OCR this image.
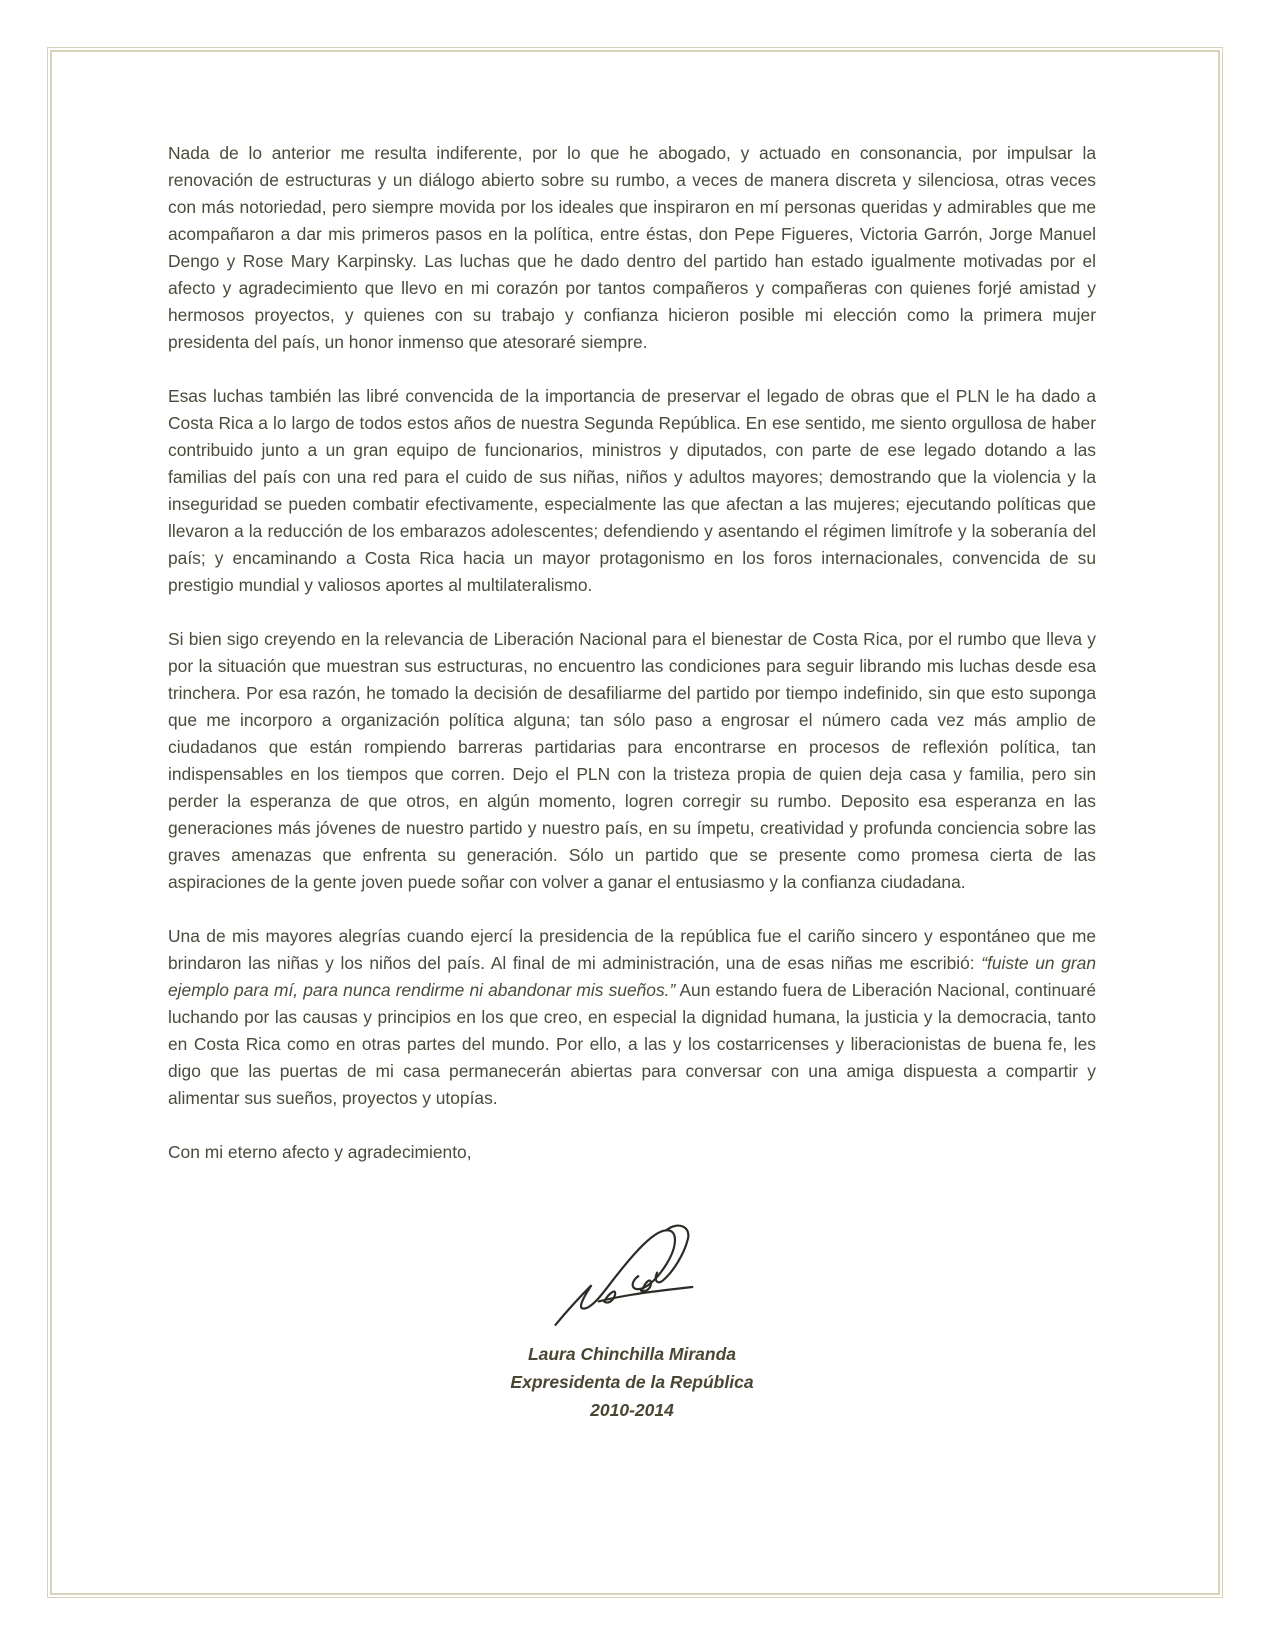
Nada de lo anterior me resulta indiferente, por lo que he abogado, y actuado en consonancia, por impulsar la renovación de estructuras y un diálogo abierto sobre su rumbo, a veces de manera discreta y silenciosa, otras veces con más notoriedad, pero siempre movida por los ideales que inspiraron en mí personas queridas y admirables que me acompañaron a dar mis primeros pasos en la política, entre éstas, don Pepe Figueres, Victoria Garrón, Jorge Manuel Dengo y Rose Mary Karpinsky. Las luchas que he dado dentro del partido han estado igualmente motivadas por el afecto y agradecimiento que llevo en mi corazón por tantos compañeros y compañeras con quienes forjé amistad y hermosos proyectos, y quienes con su trabajo y confianza hicieron posible mi elección como la primera mujer presidenta del país, un honor inmenso que atesoraré siempre.

Esas luchas también las libré convencida de la importancia de preservar el legado de obras que el PLN le ha dado a Costa Rica a lo largo de todos estos años de nuestra Segunda República. En ese sentido, me siento orgullosa de haber contribuido junto a un gran equipo de funcionarios, ministros y diputados, con parte de ese legado dotando a las familias del país con una red para el cuido de sus niñas, niños y adultos mayores; demostrando que la violencia y la inseguridad se pueden combatir efectivamente, especialmente las que afectan a las mujeres; ejecutando políticas que llevaron a la reducción de los embarazos adolescentes; defendiendo y asentando el régimen limítrofe y la soberanía del país; y encaminando a Costa Rica hacia un mayor protagonismo en los foros internacionales, convencida de su prestigio mundial y valiosos aportes al multilateralismo.

Si bien sigo creyendo en la relevancia de Liberación Nacional para el bienestar de Costa Rica, por el rumbo que lleva y por la situación que muestran sus estructuras, no encuentro las condiciones para seguir librando mis luchas desde esa trinchera. Por esa razón, he tomado la decisión de desafiliarme del partido por tiempo indefinido, sin que esto suponga que me incorporo a organización política alguna; tan sólo paso a engrosar el número cada vez más amplio de ciudadanos que están rompiendo barreras partidarias para encontrarse en procesos de reflexión política, tan indispensables en los tiempos que corren. Dejo el PLN con la tristeza propia de quien deja casa y familia, pero sin perder la esperanza de que otros, en algún momento, logren corregir su rumbo. Deposito esa esperanza en las generaciones más jóvenes de nuestro partido y nuestro país, en su ímpetu, creatividad y profunda conciencia sobre las graves amenazas que enfrenta su generación. Sólo un partido que se presente como promesa cierta de las aspiraciones de la gente joven puede soñar con volver a ganar el entusiasmo y la confianza ciudadana.

Una de mis mayores alegrías cuando ejercí la presidencia de la república fue el cariño sincero y espontáneo que me brindaron las niñas y los niños del país. Al final de mi administración, una de esas niñas me escribió: “fuiste un gran ejemplo para mí, para nunca rendirme ni abandonar mis sueños.” Aun estando fuera de Liberación Nacional, continuaré luchando por las causas y principios en los que creo, en especial la dignidad humana, la justicia y la democracia, tanto en Costa Rica como en otras partes del mundo. Por ello, a las y los costarricenses y liberacionistas de buena fe, les digo que las puertas de mi casa permanecerán abiertas para conversar con una amiga dispuesta a compartir y alimentar sus sueños, proyectos y utopías.

Con mi eterno afecto y agradecimiento,

Laura Chinchilla Miranda
Expresidenta de la República
2010-2014
